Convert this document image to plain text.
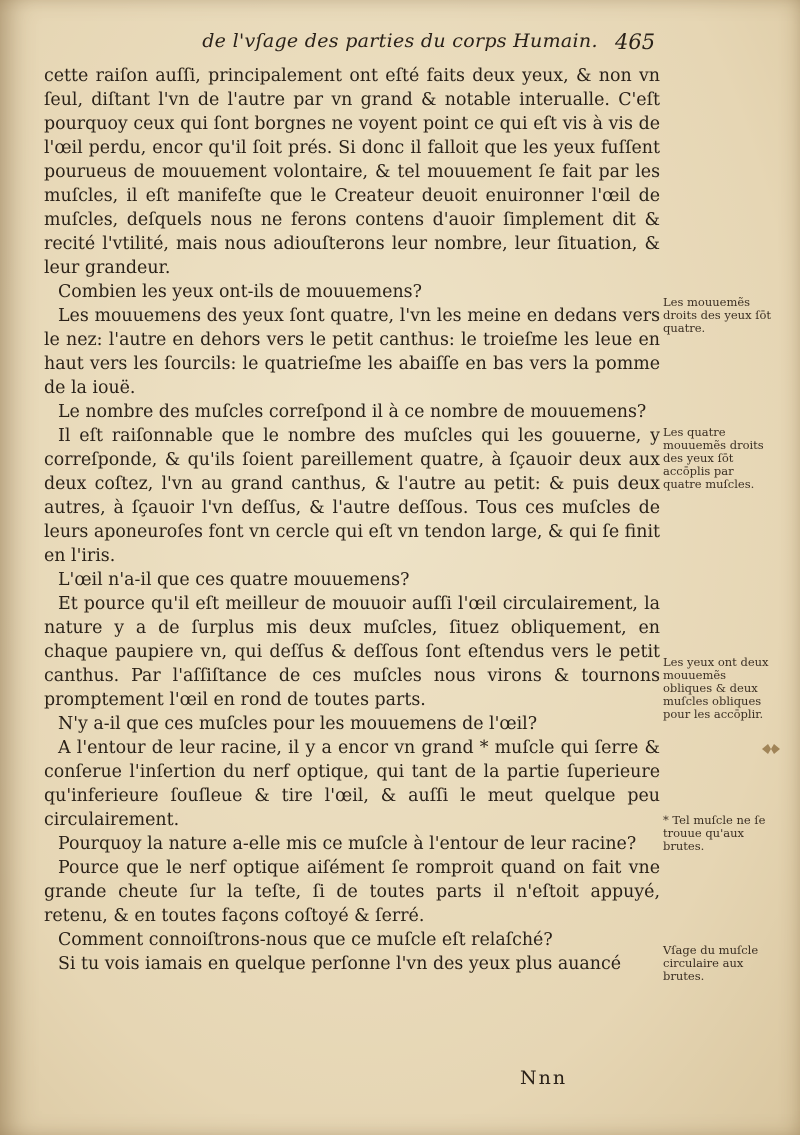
de l'vſage des parties du corps Humain. 465

cette raiſon auſſi, principalement ont eſté faits deux yeux, & non vn ſeul, diſtant l'vn de l'autre par vn grand & notable interualle. C'eſt pourquoy ceux qui ſont borgnes ne voyent point ce qui eſt vis à vis de l'œil perdu, encor qu'il ſoit prés. Si donc il falloit que les yeux fuſſent pourueus de mouuement volontaire, & tel mouuement ſe fait par les muſcles, il eſt manifeſte que le Createur deuoit enuironner l'œil de muſcles, deſquels nous ne ferons contens d'auoir ſimplement dit & recité l'vtilité, mais nous adiouſterons leur nombre, leur ſituation, & leur grandeur.

Combien les yeux ont-ils de mouuemens?

Les mouuemens des yeux ſont quatre, l'vn les meine en dedans vers le nez: l'autre en dehors vers le petit canthus: le troieſme les leue en haut vers les ſourcils: le quatrieſme les abaiſſe en bas vers la pomme de la iouë.

Le nombre des muſcles correſpond il à ce nombre de mouuemens?

Il eſt raiſonnable que le nombre des muſcles qui les gouuerne, y correſponde, & qu'ils ſoient pareillement quatre, à ſçauoir deux aux deux coſtez, l'vn au grand canthus, & l'autre au petit: & puis deux autres, à ſçauoir l'vn deſſus, & l'autre deſſous. Tous ces muſcles de leurs aponeuroſes font vn cercle qui eſt vn tendon large, & qui ſe finit en l'iris.

L'œil n'a-il que ces quatre mouuemens?

Et pource qu'il eſt meilleur de mouuoir auſſi l'œil circulairement, la nature y a de ſurplus mis deux muſcles, ſituez obliquement, en chaque paupiere vn, qui deſſus & deſſous ſont eſtendus vers le petit canthus. Par l'aſſiſtance de ces muſcles nous virons & tournons promptement l'œil en rond de toutes parts.

N'y a-il que ces muſcles pour les mouuemens de l'œil?

A l'entour de leur racine, il y a encor vn grand * muſcle qui ſerre & conſerue l'inſertion du nerf optique, qui tant de la partie ſuperieure qu'inferieure ſouſleue & tire l'œil, & auſſi le meut quelque peu circulairement.

Pourquoy la nature a-elle mis ce muſcle à l'entour de leur racine?

Pource que le nerf optique aiſément ſe romproit quand on fait vne grande cheute ſur la teſte, ſi de toutes parts il n'eſtoit appuyé, retenu, & en toutes façons coſtoyé & ſerré.

Comment connoiſtrons-nous que ce muſcle eſt relaſché?

Si tu vois iamais en quelque perſonne l'vn des yeux plus auancé

Les mouuemẽs droits des yeux ſōt quatre.
Les quatre mouuemẽs droits des yeux ſōt accōplis par quatre muſcles.
Les yeux ont deux mouuemẽs obliques & deux muſcles obliques pour les accōplir.
* Tel muſcle ne ſe trouue qu'aux brutes.
Vſage du muſcle circulaire aux brutes.
Nnn
